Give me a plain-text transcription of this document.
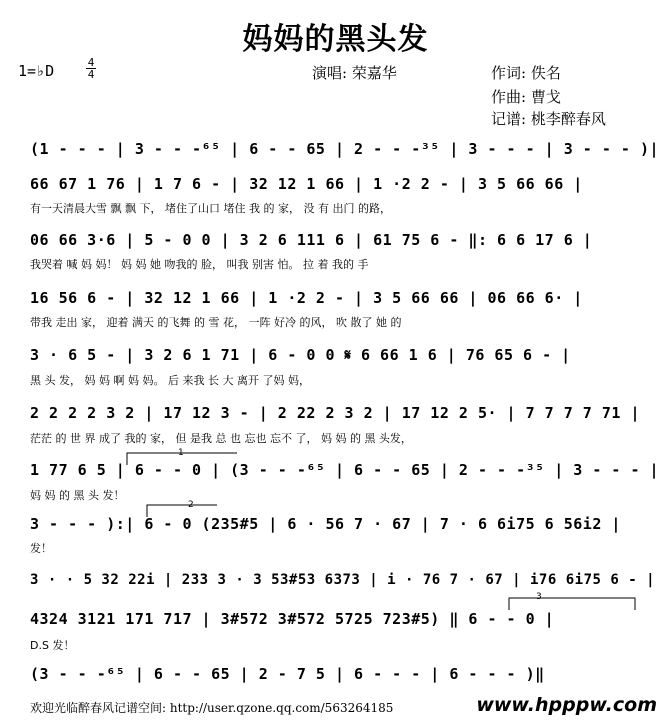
妈妈的黑头发
1=♭D	4
4	演唱: 荣嘉华	作词: 佚名
作曲: 曹戈
记谱: 桃李醉春风
(1 - - - | 3 - - -⁶⁵ | 6 - - 65 | 2 - - -³⁵ | 3 - - - | 3 - - - )|
66 67 1 76 | 1 7 6 - | 32 12 1 66 | 1 ·2 2 - | 3 5 66 66 |
有一天清晨大雪 飘 飘 下， 堵住了山口 堵住 我 的 家， 没 有 出门 的路，
06 66 3·6 | 5 - 0 0 | 3 2 6 111 6 | 61 75 6 - ‖: 6 6 17 6 |
我哭着 喊 妈 妈！ 妈 妈 她 吻我的 脸， 叫我 别害 怕。 拉 着 我的 手
16 56 6 - | 32 12 1 66 | 1 ·2 2 - | 3 5 66 66 | 06 66 6· |
带我 走出 家， 迎着 满天 的飞舞 的 雪 花， 一阵 好冷 的风， 吹 散了 她 的
3 · 6 5 - | 3 2 6 1 71 | 6 - 0 0 𝄋 6 66 1 6 | 76 65 6 - |
黑 头 发， 妈 妈 啊 妈 妈。 后 来我 长 大 离开 了妈 妈，
2 2 2 2 3 2 | 17 12 3 - | 2 22 2 3 2 | 17 12 2 5· | 7 7 7 7 71 |
茫茫 的 世 界 成了 我的 家， 但 是我 总 也 忘也 忘不 了， 妈 妈 的 黑 头发，
1
1 77 6 5 | 6 - - 0 | (3 - - -⁶⁵ | 6 - - 65 | 2 - - -³⁵ | 3 - - - |
妈 妈 的 黑 头 发！
2
3 - - - ):| 6 - 0 (235#5 | 6 · 56 7 · 67 | 7 · 6 6i75 6 56i2 |
发！
3 · · 5 32 22i | 233 3 · 3 53#53 6373 | i · 76 7 · 67 | i76 6i75 6 - |
3
4324 3121 171 717 | 3#572 3#572 5725 723#5) ‖ 6 - - 0 |
D.S 发！
(3 - - -⁶⁵ | 6 - - 65 | 2 - 7 5 | 6 - - - | 6 - - - )‖
欢迎光临醉春风记谱空间: http://user.qzone.qq.com/563264185	www.hpppw.com
